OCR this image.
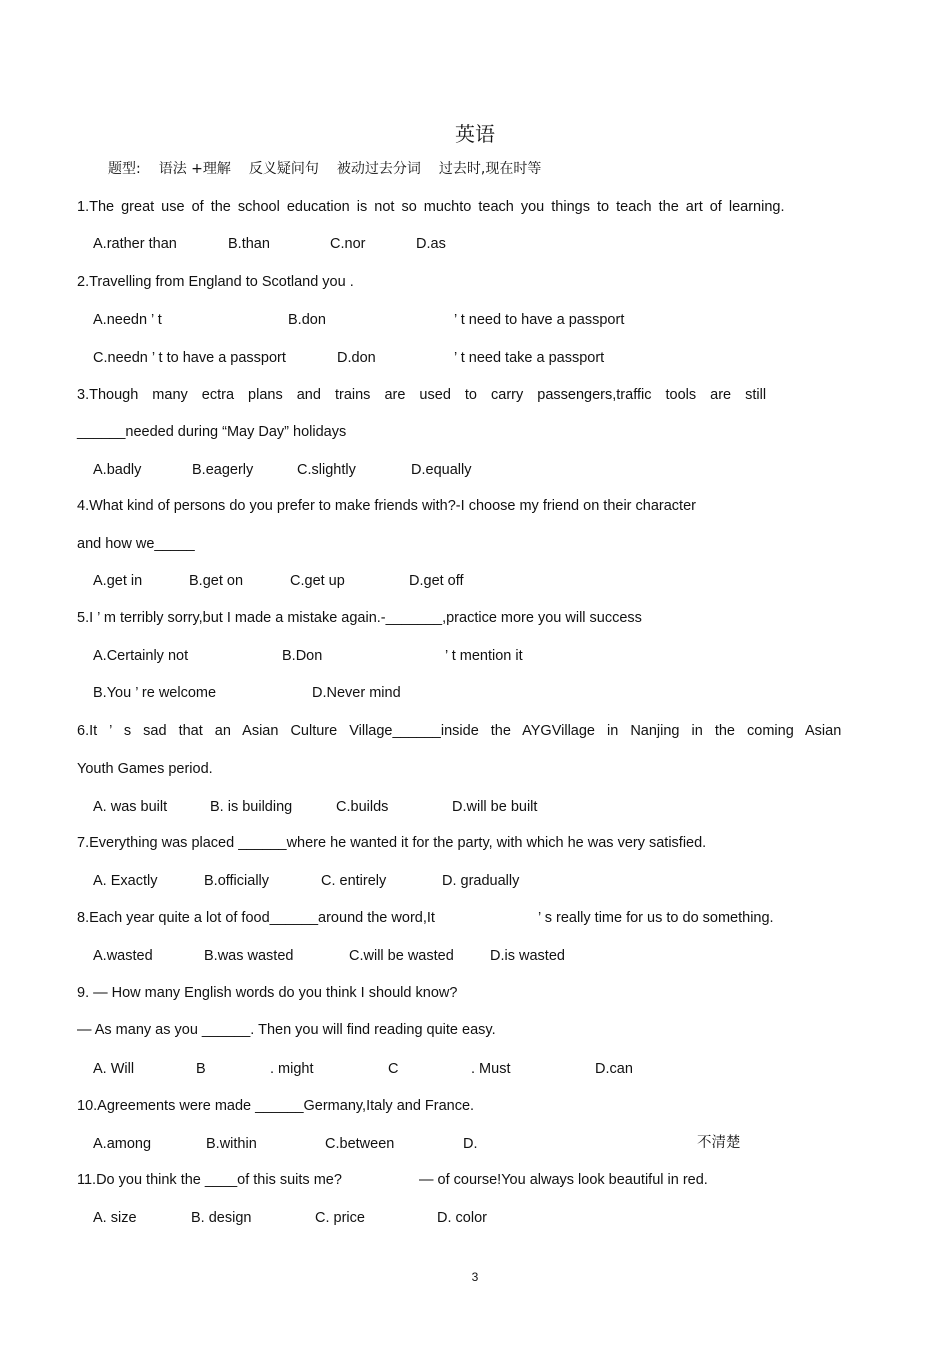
英语
题型: 语法 +理解 反义疑问句 被动过去分词 过去时,现在时等
1.The great use of the school education is not so muchto teach you things to teach the art of learning.
A.rather than	B.than	C.nor	D.as
2.Travelling from England to Scotland you .
A.needn ’ t	B.don	’ t need to have a passport
C.needn ’ t to have a passport	D.don	’ t need take a passport
3.Though many ectra plans and trains are used to carry passengers,traffic tools are still
______needed during “May Day” holidays
A.badly	B.eagerly	C.slightly	D.equally
4.What kind of persons do you prefer to make friends with?-I choose my friend on their character
and how we_____
A.get in	B.get on	C.get up	D.get off
5.I ’ m terribly sorry,but I made a mistake again.-_______,practice more you will success
A.Certainly not	B.Don	’ t mention it
B.You ’ re welcome	D.Never mind
6.It ’ s sad that an Asian Culture Village______inside the AYGVillage in Nanjing in the coming Asian
Youth Games period.
A. was built	B. is building	C.builds	D.will be built
7.Everything was placed ______where he wanted it for the party, with which he was very satisfied.
A. Exactly	B.officially	C. entirely	D. gradually
8.Each year quite a lot of food______around the word,It	’ s really time for us to do something.
A.wasted	B.was wasted	C.will be wasted D.is wasted
9. — How many English words do you think I should know?
— As many as you ______. Then you will find reading quite easy.
A. Will	B	. might	C	. Must	D.can
10.Agreements were made ______Germany,Italy and France.
A.among	B.within	C.between	D.	不清楚
11.Do you think the ____of this suits me?	— of course!You always look beautiful in red.
A. size	B. design	C. price	D. color
3
